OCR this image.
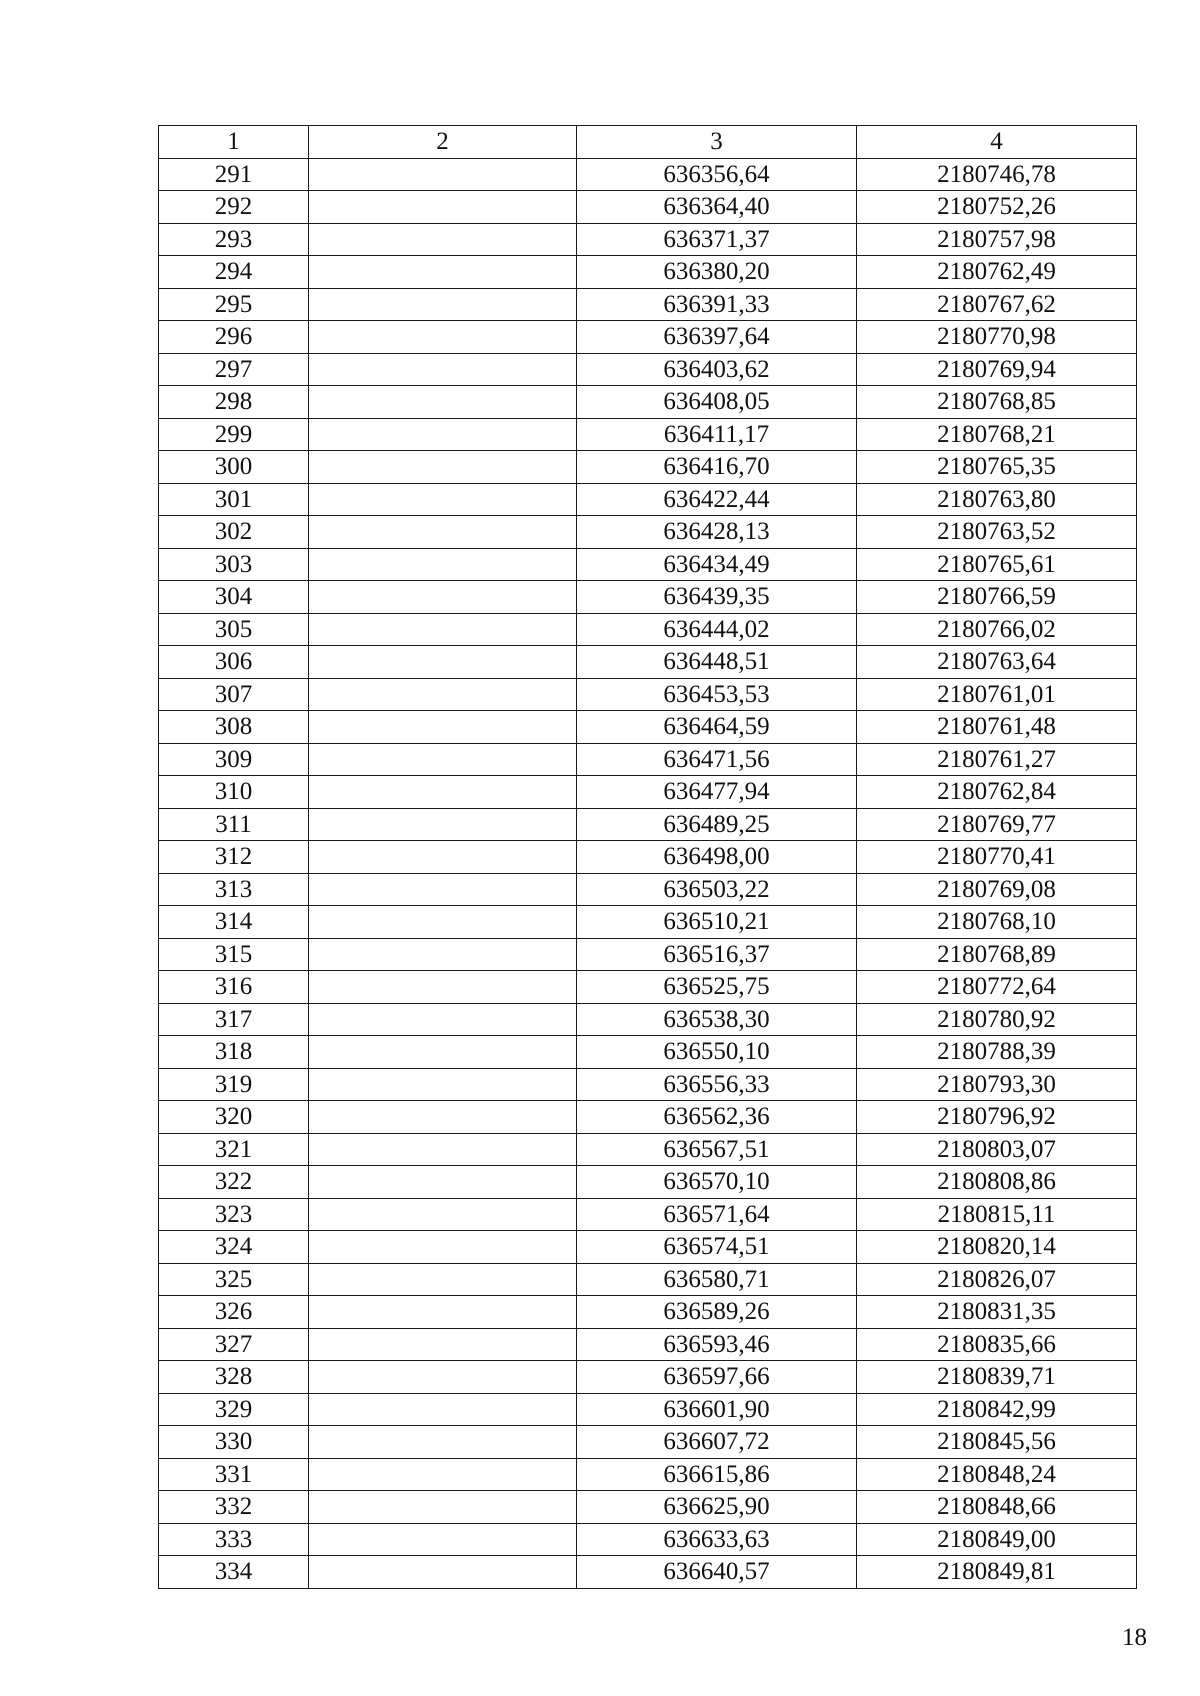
1	2	3	4
291		636356,64	2180746,78
292		636364,40	2180752,26
293		636371,37	2180757,98
294		636380,20	2180762,49
295		636391,33	2180767,62
296		636397,64	2180770,98
297		636403,62	2180769,94
298		636408,05	2180768,85
299		636411,17	2180768,21
300		636416,70	2180765,35
301		636422,44	2180763,80
302		636428,13	2180763,52
303		636434,49	2180765,61
304		636439,35	2180766,59
305		636444,02	2180766,02
306		636448,51	2180763,64
307		636453,53	2180761,01
308		636464,59	2180761,48
309		636471,56	2180761,27
310		636477,94	2180762,84
311		636489,25	2180769,77
312		636498,00	2180770,41
313		636503,22	2180769,08
314		636510,21	2180768,10
315		636516,37	2180768,89
316		636525,75	2180772,64
317		636538,30	2180780,92
318		636550,10	2180788,39
319		636556,33	2180793,30
320		636562,36	2180796,92
321		636567,51	2180803,07
322		636570,10	2180808,86
323		636571,64	2180815,11
324		636574,51	2180820,14
325		636580,71	2180826,07
326		636589,26	2180831,35
327		636593,46	2180835,66
328		636597,66	2180839,71
329		636601,90	2180842,99
330		636607,72	2180845,56
331		636615,86	2180848,24
332		636625,90	2180848,66
333		636633,63	2180849,00
334		636640,57	2180849,81
18
